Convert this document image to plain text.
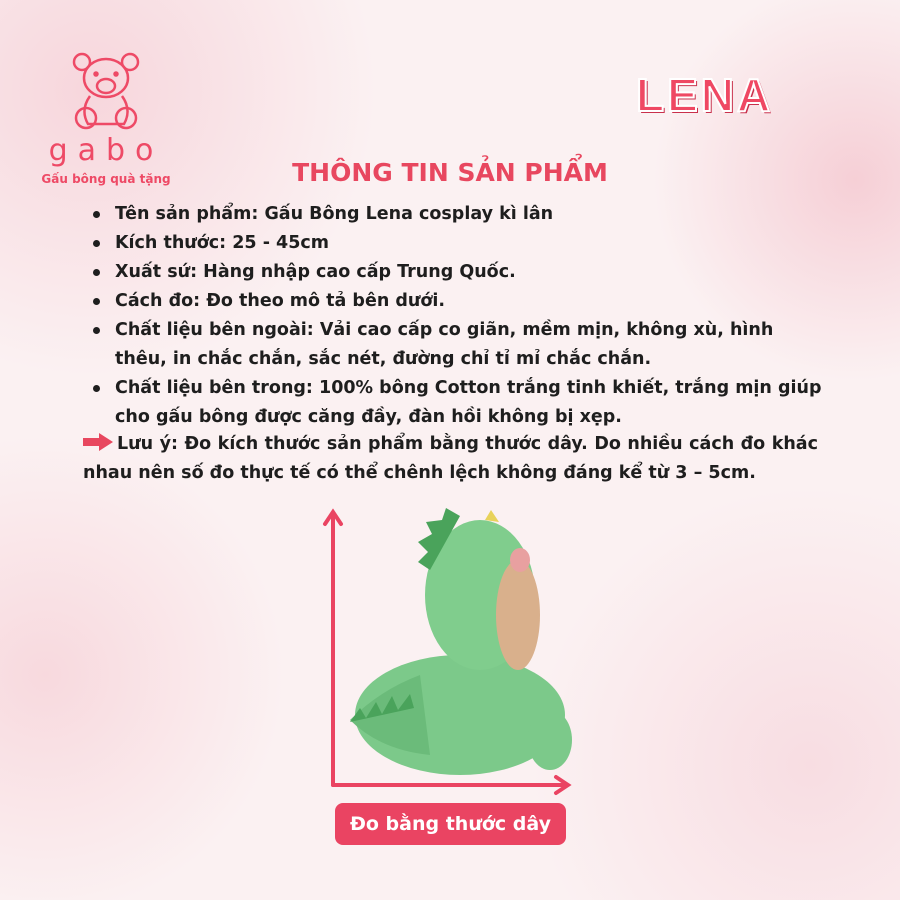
gabo
Gấu bông quà tặng
LENA
THÔNG TIN SẢN PHẨM
Tên sản phẩm: Gấu Bông Lena cosplay kì lân
Kích thước: 25 - 45cm
Xuất sứ: Hàng nhập cao cấp Trung Quốc.
Cách đo: Đo theo mô tả bên dưới.
Chất liệu bên ngoài: Vải cao cấp co giãn, mềm mịn, không xù, hình thêu, in chắc chắn, sắc nét, đường chỉ tỉ mỉ chắc chắn.
Chất liệu bên trong: 100% bông Cotton trắng tinh khiết, trắng mịn giúp cho gấu bông được căng đầy, đàn hồi không bị xẹp.
Lưu ý: Đo kích thước sản phẩm bằng thước dây. Do nhiều cách đo khác nhau nên số đo thực tế có thể chênh lệch không đáng kể từ 3 – 5cm.
Đo bằng thước dây
